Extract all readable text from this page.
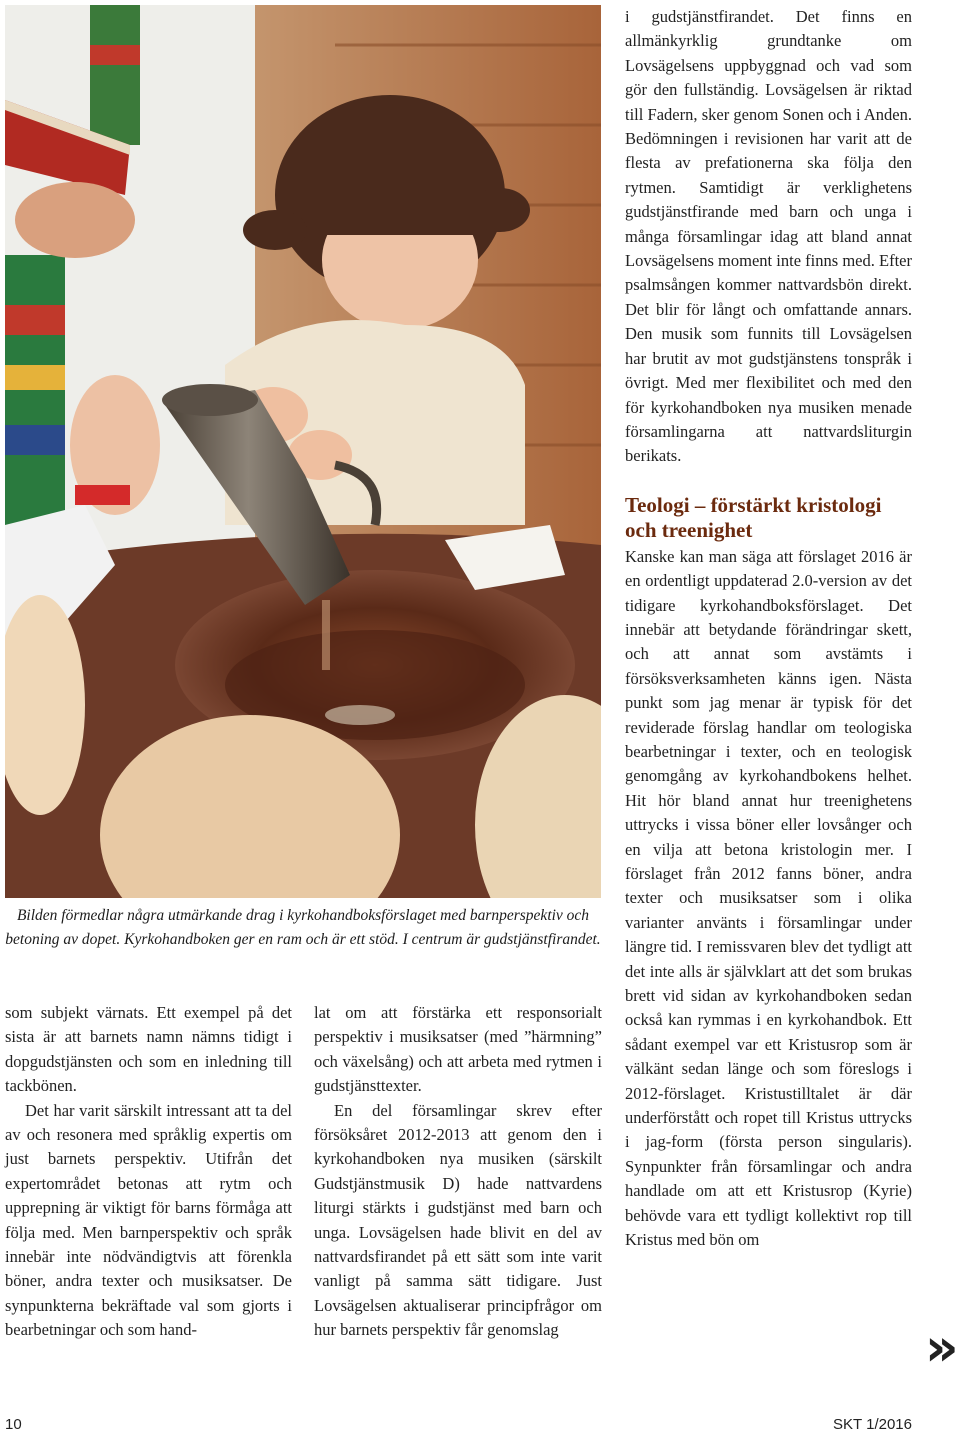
Bilden förmedlar några utmärkande drag i kyrkohandboksförslaget med barnperspektiv och betoning av dopet. Kyrkohandboken ger en ram och är ett stöd. I centrum är gudstjänstfirandet.

som subjekt värnats. Ett exempel på det sista är att barnets namn nämns tidigt i dopgudstjänsten och som en inledning till tackbönen.

Det har varit särskilt intressant att ta del av och resonera med språklig expertis om just barnets perspektiv. Utifrån det expertområdet betonas att rytm och upprepning är viktigt för barns förmåga att följa med. Men barnperspektiv och språk innebär inte nödvändigtvis att förenkla böner, andra texter och musiksatser. De synpunkterna bekräftade val som gjorts i bearbetningar och som hand-

lat om att förstärka ett responsorialt perspektiv i musiksatser (med ”härmning” och växelsång) och att arbeta med rytmen i gudstjänsttexter.

En del församlingar skrev efter försöksåret 2012-2013 att genom den i kyrkohandboken nya musiken (särskilt Gudstjänstmusik D) hade nattvardens liturgi stärkts i gudstjänst med barn och unga. Lovsägelsen hade blivit en del av nattvardsfirandet på ett sätt som inte varit vanligt på samma sätt tidigare. Just Lovsägelsen aktualiserar principfrågor om hur barnets perspektiv får genomslag

i gudstjänstfirandet. Det finns en allmänkyrklig grundtanke om Lovsägelsens uppbyggnad och vad som gör den fullständig. Lovsägelsen är riktad till Fadern, sker genom Sonen och i Anden. Bedömningen i revisionen har varit att de flesta av prefationerna ska följa den rytmen. Samtidigt är verklighetens gudstjänstfirande med barn och unga i många församlingar idag att bland annat Lovsägelsens moment inte finns med. Efter psalmsången kommer nattvardsbön direkt. Det blir för långt och omfattande annars. Den musik som funnits till Lovsägelsen har brutit av mot gudstjänstens tonspråk i övrigt. Med mer flexibilitet och med den för kyrkohandboken nya musiken menade församlingarna att nattvardsliturgin berikats.

Teologi – förstärkt kristologi och treenighet

Kanske kan man säga att förslaget 2016 är en ordentligt uppdaterad 2.0-version av det tidigare kyrkohandboksförslaget. Det innebär att betydande förändringar skett, och att annat som avstämts i försöksverksamheten känns igen. Nästa punkt som jag menar är typisk för det reviderade förslag handlar om teologiska bearbetningar i texter, och en teologisk genomgång av kyrkohandbokens helhet. Hit hör bland annat hur treenighetens uttrycks i vissa böner eller lovsånger och en vilja att betona kristologin mer. I förslaget från 2012 fanns böner, andra texter och musiksatser som i olika varianter använts i församlingar under längre tid. I remissvaren blev det tydligt att det inte alls är självklart att det som brukas brett vid sidan av kyrkohandboken sedan också kan rymmas i en kyrkohandbok. Ett sådant exempel var ett Kristusrop som är välkänt sedan länge och som föreslogs i 2012-förslaget. Kristustilltalet är där underförstått och ropet till Kristus uttrycks i jag-form (första person singularis). Synpunkter från församlingar och andra handlade om att ett Kristusrop (Kyrie) behövde vara ett tydligt kollektivt rop till Kristus med bön om

»
10	SKT 1/2016
